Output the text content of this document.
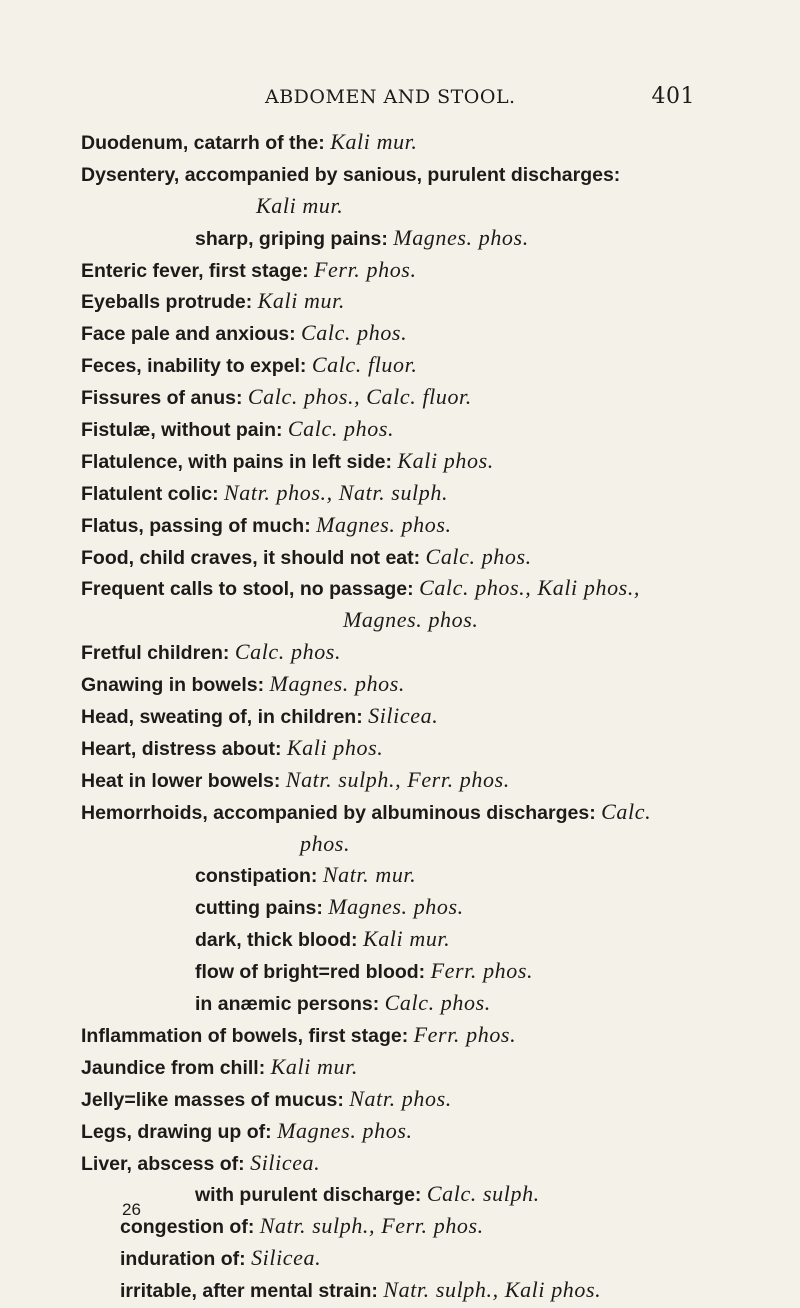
ABDOMEN AND STOOL.	401
Duodenum, catarrh of the: Kali mur.
Dysentery, accompanied by sanious, purulent discharges:
Kali mur.
sharp, griping pains: Magnes. phos.
Enteric fever, first stage: Ferr. phos.
Eyeballs protrude: Kali mur.
Face pale and anxious: Calc. phos.
Feces, inability to expel: Calc. fluor.
Fissures of anus: Calc. phos., Calc. fluor.
Fistulæ, without pain: Calc. phos.
Flatulence, with pains in left side: Kali phos.
Flatulent colic: Natr. phos., Natr. sulph.
Flatus, passing of much: Magnes. phos.
Food, child craves, it should not eat: Calc. phos.
Frequent calls to stool, no passage: Calc. phos., Kali phos.,
Magnes. phos.
Fretful children: Calc. phos.
Gnawing in bowels: Magnes. phos.
Head, sweating of, in children: Silicea.
Heart, distress about: Kali phos.
Heat in lower bowels: Natr. sulph., Ferr. phos.
Hemorrhoids, accompanied by albuminous discharges: Calc.
phos.
constipation: Natr. mur.
cutting pains: Magnes. phos.
dark, thick blood: Kali mur.
flow of bright=red blood: Ferr. phos.
in anæmic persons: Calc. phos.
Inflammation of bowels, first stage: Ferr. phos.
Jaundice from chill: Kali mur.
Jelly=like masses of mucus: Natr. phos.
Legs, drawing up of: Magnes. phos.
Liver, abscess of: Silicea.
with purulent discharge: Calc. sulph.
congestion of: Natr. sulph., Ferr. phos.
induration of: Silicea.
irritable, after mental strain: Natr. sulph., Kali phos.
26
